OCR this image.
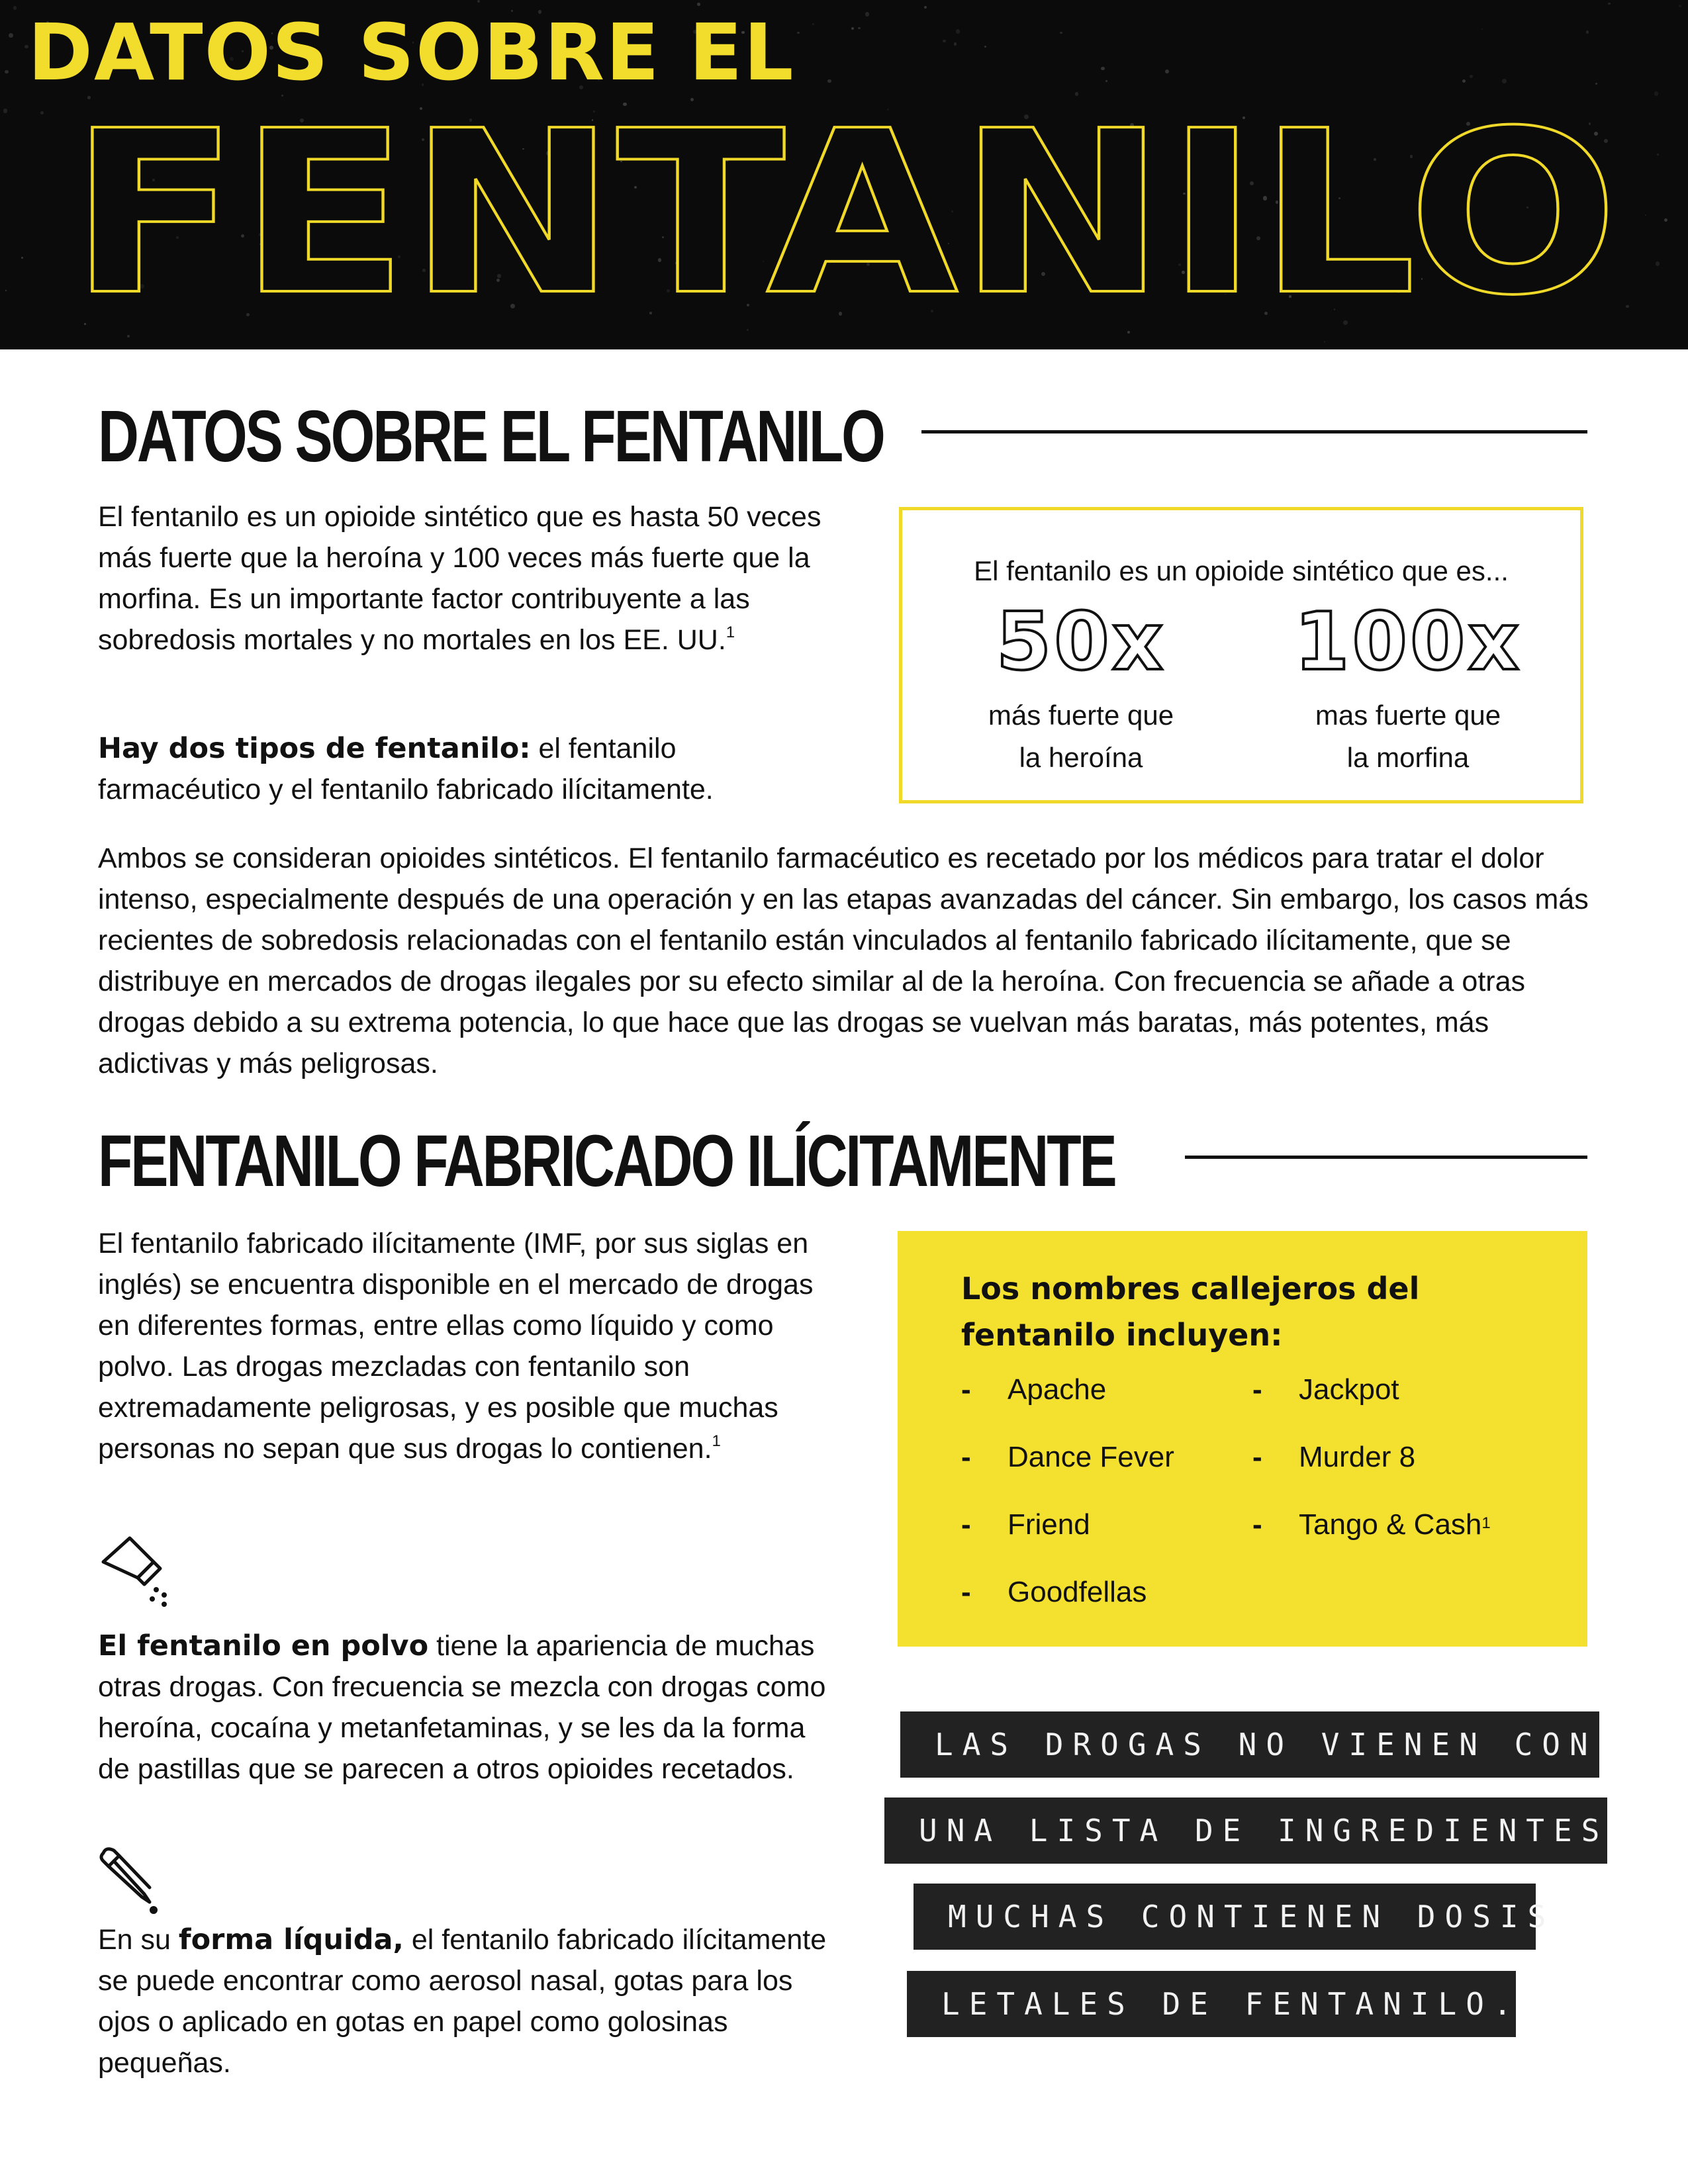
DATOS SOBRE EL
FENTANILO
DATOS SOBRE EL FENTANILO
El fentanilo es un opioide sintético que es hasta 50 veces más fuerte que la heroína y 100 veces más fuerte que la morfina. Es un importante factor contribuyente a las sobredosis mortales y no mortales en los EE. UU.$^1$
Hay dos tipos de fentanilo: el fentanilo farmacéutico y el fentanilo fabricado ilícitamente.
El fentanilo es un opioide sintético que es...
50x	100x
más fuerte que
la heroína
mas fuerte que
la morfina
Ambos se consideran opioides sintéticos. El fentanilo farmacéutico es recetado por los médicos para tratar el dolor intenso, especialmente después de una operación y en las etapas avanzadas del cáncer. Sin embargo, los casos más recientes de sobredosis relacionadas con el fentanilo están vinculados al fentanilo fabricado ilícitamente, que se distribuye en mercados de drogas ilegales por su efecto similar al de la heroína. Con frecuencia se añade a otras drogas debido a su extrema potencia, lo que hace que las drogas se vuelvan más baratas, más potentes, más adictivas y más peligrosas.
FENTANILO FABRICADO ILÍCITAMENTE
El fentanilo fabricado ilícitamente (IMF, por sus siglas en inglés) se encuentra disponible en el mercado de drogas en diferentes formas, entre ellas como líquido y como polvo. Las drogas mezcladas con fentanilo son extremadamente peligrosas, y es posible que muchas personas no sepan que sus drogas lo contienen.$^1$
El fentanilo en polvo tiene la apariencia de muchas otras drogas. Con frecuencia se mezcla con drogas como heroína, cocaína y metanfetaminas, y se les da la forma de pastillas que se parecen a otros opioides recetados.
En su forma líquida, el fentanilo fabricado ilícitamente se puede encontrar como aerosol nasal, gotas para los ojos o aplicado en gotas en papel como golosinas pequeñas.
Los nombres callejeros del fentanilo incluyen:
- Apache
- Dance Fever
- Friend
- Goodfellas
- Jackpot
- Murder 8
- Tango & Cash$^1$
LAS DROGAS NO VIENEN CON
UNA LISTA DE INGREDIENTES
MUCHAS CONTIENEN DOSIS
LETALES DE FENTANILO.
